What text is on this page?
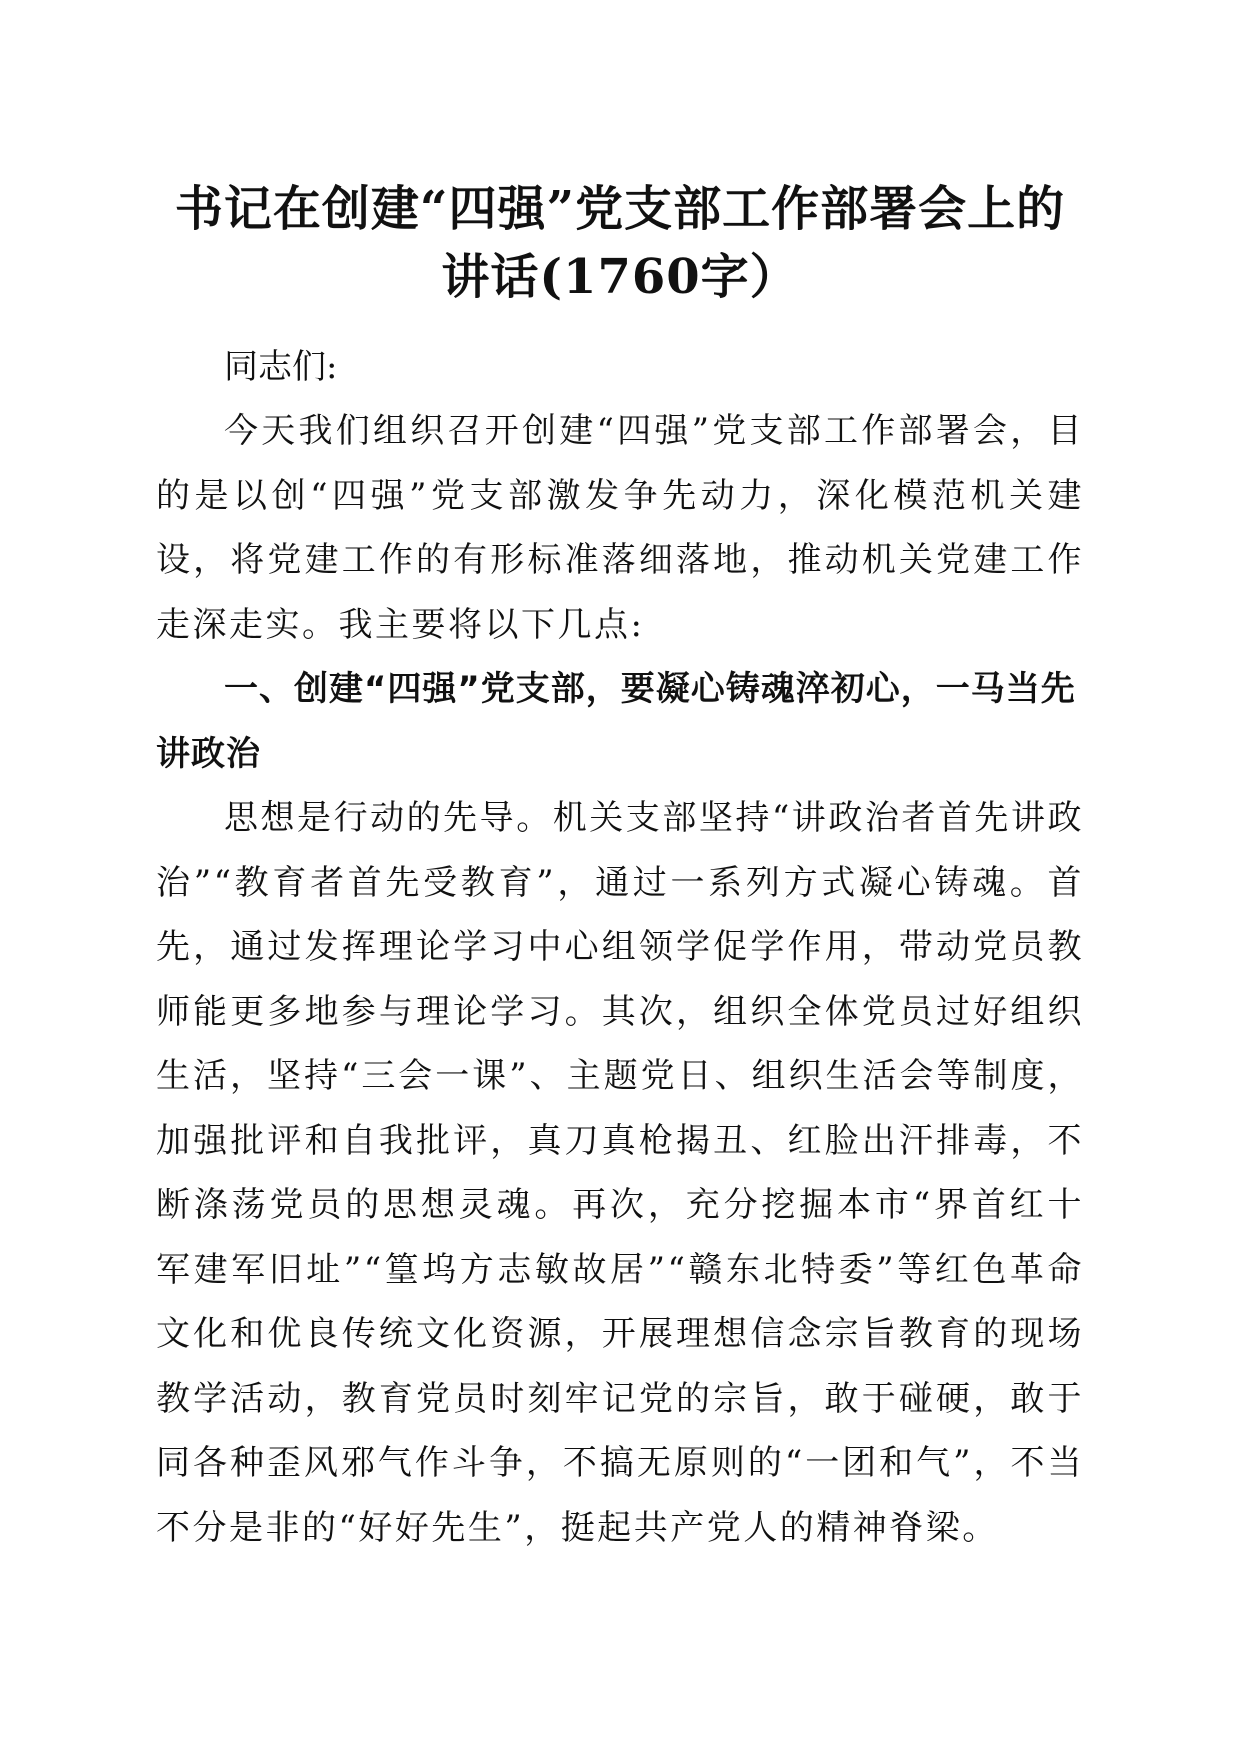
书记在创建“四强”党支部工作部署会上的讲话(1760字）

同志们:

今天我们组织召开创建“四强”党支部工作部署会，目的是以创“四强”党支部激发争先动力，深化模范机关建设，将党建工作的有形标准落细落地，推动机关党建工作走深走实。我主要将以下几点:

一、创建“四强”党支部，要凝心铸魂淬初心，一马当先讲政治

思想是行动的先导。机关支部坚持“讲政治者首先讲政治”“教育者首先受教育”，通过一系列方式凝心铸魂。首先，通过发挥理论学习中心组领学促学作用，带动党员教师能更多地参与理论学习。其次，组织全体党员过好组织生活，坚持“三会一课”、主题党日、组织生活会等制度，加强批评和自我批评，真刀真枪揭丑、红脸出汗排毒，不断涤荡党员的思想灵魂。再次，充分挖掘本市“界首红十军建军旧址”“篁坞方志敏故居”“赣东北特委”等红色革命文化和优良传统文化资源，开展理想信念宗旨教育的现场教学活动，教育党员时刻牢记党的宗旨，敢于碰硬，敢于同各种歪风邪气作斗争，不搞无原则的“一团和气”，不当不分是非的“好好先生”，挺起共产党人的精神脊梁。
